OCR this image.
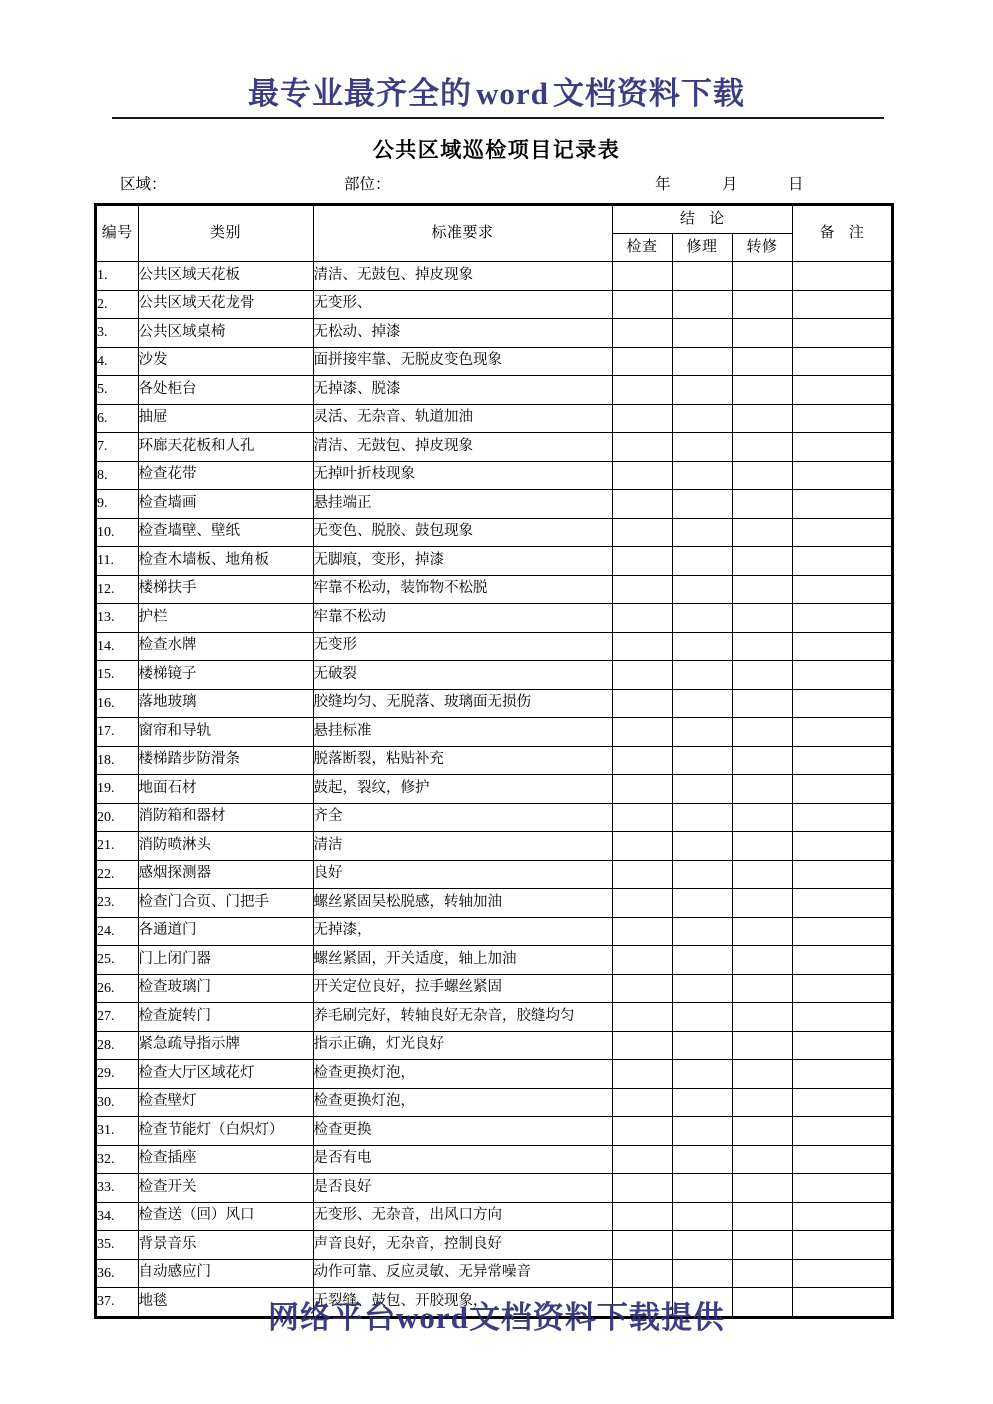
最专业最齐全的 word 文档资料下载
公共区域巡检项目记录表
区域：	部位：	年	月	日
编号	类别	标准要求	结 论			备 注
			检查	修理	转修	
1.	公共区域天花板	清洁、无鼓包、掉皮现象				
2.	公共区域天花龙骨	无变形、				
3.	公共区域桌椅	无松动、掉漆				
4.	沙发	面拼接牢靠、无脱皮变色现象				
5.	各处柜台	无掉漆、脱漆				
6.	抽屉	灵活、无杂音、轨道加油				
7.	环廊天花板和人孔	清洁、无鼓包、掉皮现象				
8.	检查花带	无掉叶折枝现象				
9.	检查墙画	悬挂端正				
10.	检查墙壁、壁纸	无变色、脱胶、鼓包现象				
11.	检查木墙板、地角板	无脚痕，变形，掉漆				
12.	楼梯扶手	牢靠不松动，装饰物不松脱				
13.	护栏	牢靠不松动				
14.	检查水牌	无变形				
15.	楼梯镜子	无破裂				
16.	落地玻璃	胶缝均匀、无脱落、玻璃面无损伤				
17.	窗帘和导轨	悬挂标准				
18.	楼梯踏步防滑条	脱落断裂，粘贴补充				
19.	地面石材	鼓起，裂纹，修护				
20.	消防箱和器材	齐全				
21.	消防喷淋头	清洁				
22.	感烟探测器	良好				
23.	检查门合页、门把手	螺丝紧固吴松脱感，转轴加油				
24.	各通道门	无掉漆，				
25.	门上闭门器	螺丝紧固，开关适度，轴上加油				
26.	检查玻璃门	开关定位良好，拉手螺丝紧固				
27.	检查旋转门	养毛刷完好，转轴良好无杂音，胶缝均匀				
28.	紧急疏导指示牌	指示正确，灯光良好				
29.	检查大厅区域花灯	检查更换灯泡，				
30.	检查壁灯	检查更换灯泡，				
31.	检查节能灯（白炽灯）	检查更换				
32.	检查插座	是否有电				
33.	检查开关	是否良好				
34.	检查送（回）风口	无变形、无杂音，出风口方向				
35.	背景音乐	声音良好，无杂音，控制良好				
36.	自动感应门	动作可靠、反应灵敏、无异常噪音				
37.	地毯	无裂缝、鼓包、开胶现象，				
网络平台word文档资料下载提供
